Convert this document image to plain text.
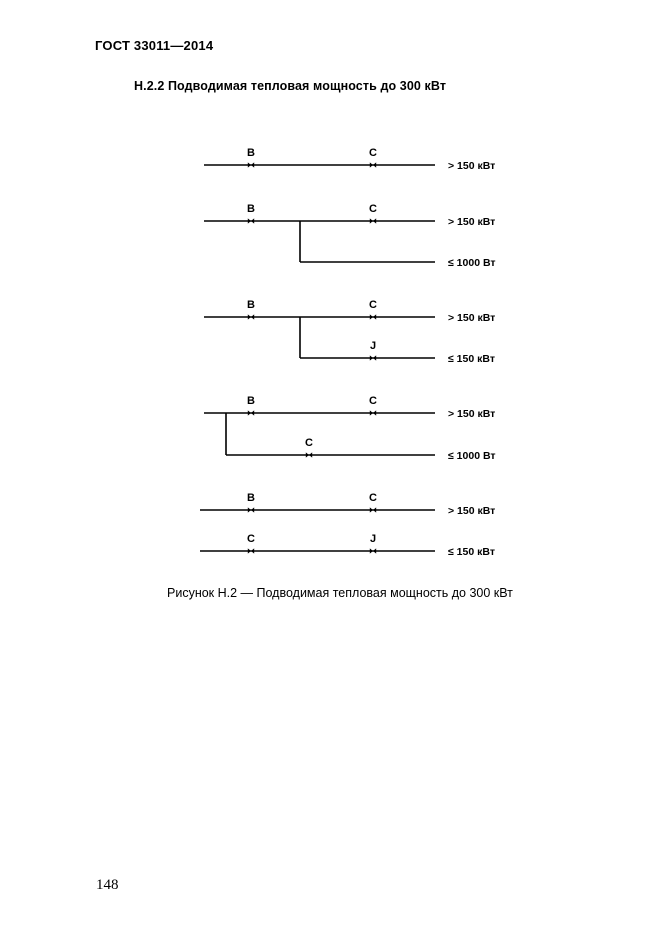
ГОСТ 33011—2014
Н.2.2 Подводимая тепловая мощность до 300 кВт
B	C
> 150 кВт
B	C
> 150 кВт
≤ 1000 Вт
B	C
J
> 150 кВт
≤ 150 кВт
B	C
C
> 150 кВт
≤ 1000 Вт
B	C
> 150 кВт
C	J
≤ 150 кВт
Рисунок Н.2 — Подводимая тепловая мощность до 300 кВт
148
